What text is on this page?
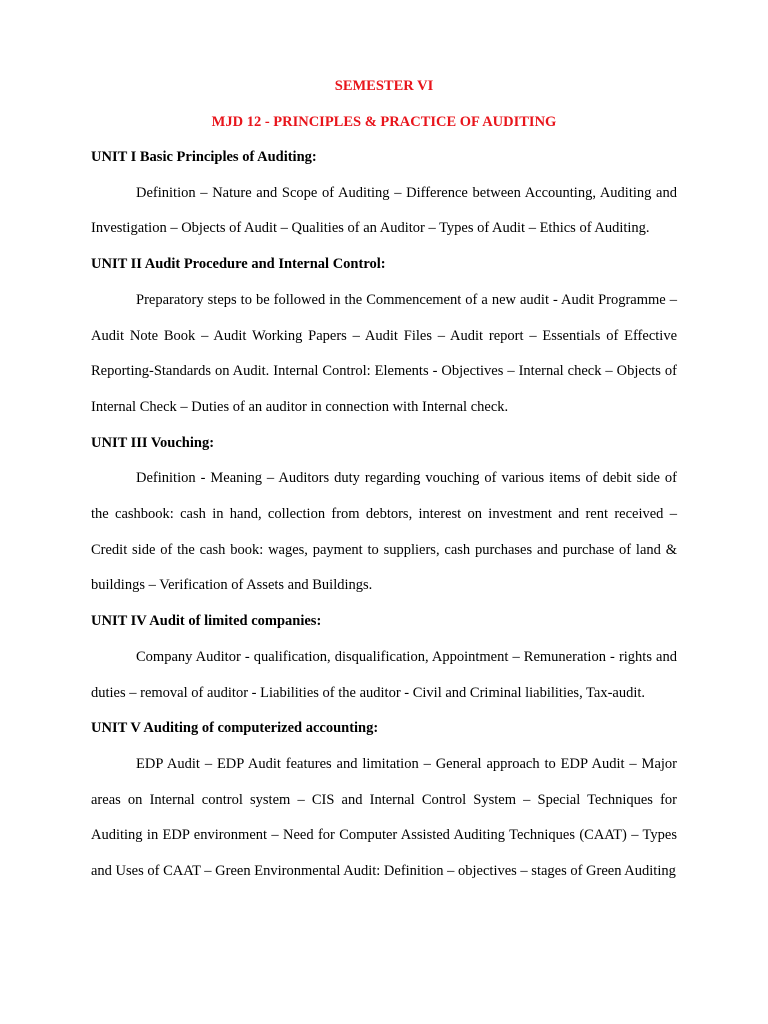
SEMESTER VI

MJD 12 - PRINCIPLES & PRACTICE OF AUDITING

UNIT I Basic Principles of Auditing:

Definition – Nature and Scope of Auditing – Difference between Accounting, Auditing and Investigation – Objects of Audit – Qualities of an Auditor – Types of Audit – Ethics of Auditing.

UNIT II Audit Procedure and Internal Control:

Preparatory steps to be followed in the Commencement of a new audit - Audit Programme – Audit Note Book – Audit Working Papers – Audit Files – Audit report – Essentials of Effective Reporting-Standards on Audit. Internal Control: Elements - Objectives – Internal check – Objects of Internal Check – Duties of an auditor in connection with Internal check.

UNIT III Vouching:

Definition - Meaning – Auditors duty regarding vouching of various items of debit side of the cashbook: cash in hand, collection from debtors, interest on investment and rent received – Credit side of the cash book: wages, payment to suppliers, cash purchases and purchase of land & buildings – Verification of Assets and Buildings.

UNIT IV Audit of limited companies:

Company Auditor - qualification, disqualification, Appointment – Remuneration - rights and duties – removal of auditor - Liabilities of the auditor - Civil and Criminal liabilities, Tax-audit.

UNIT V Auditing of computerized accounting:

EDP Audit – EDP Audit features and limitation – General approach to EDP Audit – Major areas on Internal control system – CIS and Internal Control System – Special Techniques for Auditing in EDP environment – Need for Computer Assisted Auditing Techniques (CAAT) – Types and Uses of CAAT – Green Environmental Audit: Definition – objectives – stages of Green Auditing
